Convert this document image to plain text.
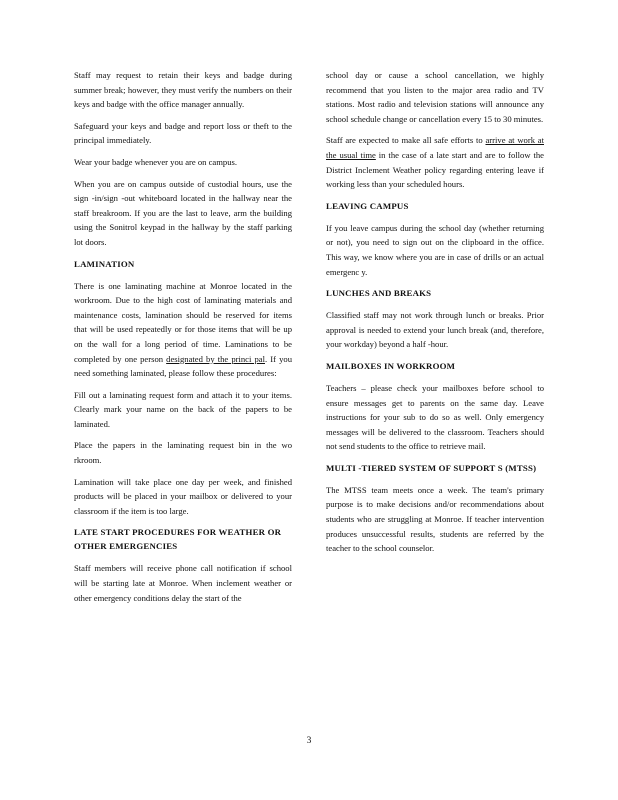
Staff may request to retain their keys and badge during summer break; however, they must verify the numbers on their keys and badge with the office manager annually.

Safeguard your keys and badge and report loss or theft to the principal immediately.

Wear your badge whenever you are on campus.

When you are on campus outside of custodial hours, use the sign -in/sign -out whiteboard located in the hallway near the staff breakroom. If you are the last to leave, arm the building using the Sonitrol keypad in the hallway by the staff parking lot doors.

LAMINATION

There is one laminating machine at Monroe located in the workroom. Due to the high cost of laminating materials and maintenance costs, lamination should be reserved for items that will be used repeatedly or for those items that will be up on the wall for a long period of time. Laminations to be completed by one person designated by the princi pal. If you need something laminated, please follow these procedures:

Fill out a laminating request form and attach it to your items. Clearly mark your name on the back of the papers to be laminated.

Place the papers in the laminating request bin in the wo rkroom.

Lamination will take place one day per week, and finished products will be placed in your mailbox or delivered to your classroom if the item is too large.

LATE START PROCEDURES FOR WEATHER OR OTHER EMERGENCIES

Staff members will receive phone call notification if school will be starting late at Monroe. When inclement weather or other emergency conditions delay the start of the

school day or cause a school cancellation, we highly recommend that you listen to the major area radio and TV stations. Most radio and television stations will announce any school schedule change or cancellation every 15 to 30 minutes.

Staff are expected to make all safe efforts to arrive at work at the usual time in the case of a late start and are to follow the District Inclement Weather policy regarding entering leave if working less than your scheduled hours.

LEAVING CAMPUS

If you leave campus during the school day (whether returning or not), you need to sign out on the clipboard in the office. This way, we know where you are in case of drills or an actual emergenc y.

LUNCHES AND BREAKS

Classified staff may not work through lunch or breaks. Prior approval is needed to extend your lunch break (and, therefore, your workday) beyond a half -hour.

MAILBOXES IN WORKROOM

Teachers – please check your mailboxes before school to ensure messages get to parents on the same day. Leave instructions for your sub to do so as well. Only emergency messages will be delivered to the classroom. Teachers should not send students to the office to retrieve mail.

MULTI -TIERED SYSTEM OF SUPPORT S (MTSS)

The MTSS team meets once a week. The team's primary purpose is to make decisions and/or recommendations about students who are struggling at Monroe. If teacher intervention produces unsuccessful results, students are referred by the teacher to the school counselor.

3
